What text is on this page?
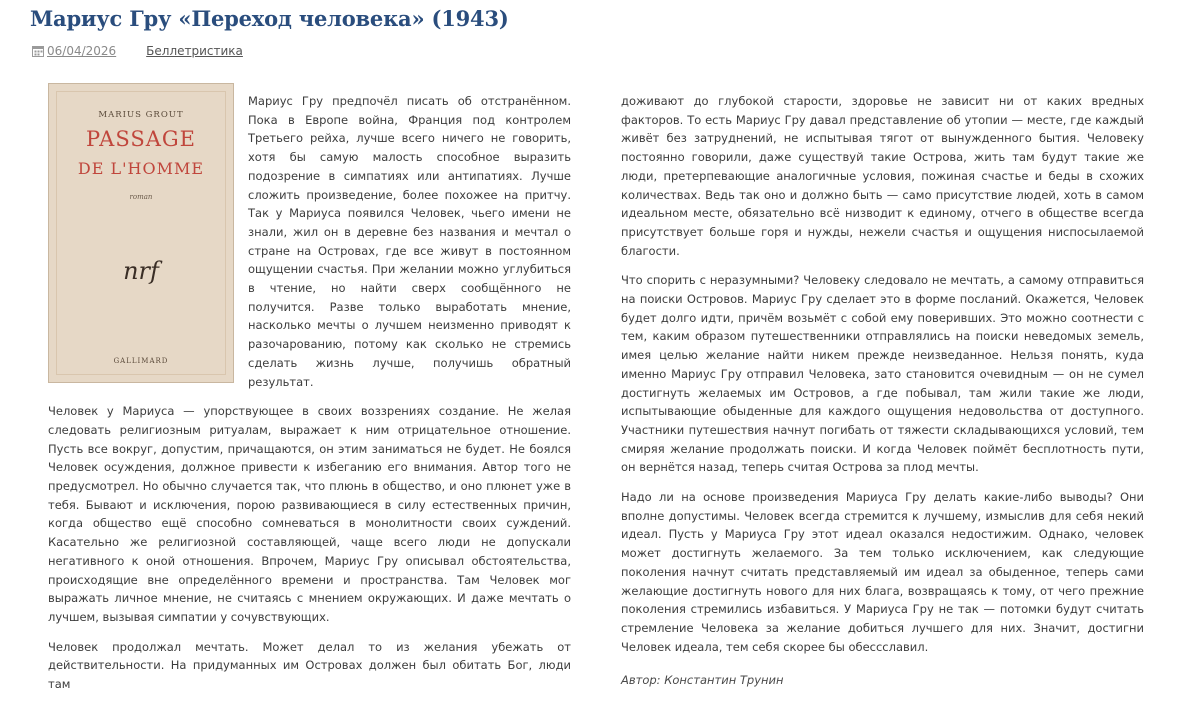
Мариус Гру «Переход человека» (1943)
06/04/2026	Беллетристика
MARIUS GROUT
PASSAGE
DE L'HOMME
roman
nrf
GALLIMARD

Мариус Гру предпочёл писать об отстранённом. Пока в Европе война, Франция под контролем Третьего рейха, лучше всего ничего не говорить, хотя бы самую малость способное выразить подозрение в симпатиях или антипатиях. Лучше сложить произведение, более похожее на притчу. Так у Мариуса появился Человек, чьего имени не знали, жил он в деревне без названия и мечтал о стране на Островах, где все живут в постоянном ощущении счастья. При желании можно углубиться в чтение, но найти сверх сообщённого не получится. Разве только выработать мнение, насколько мечты о лучшем неизменно приводят к разочарованию, потому как сколько не стремись сделать жизнь лучше, получишь обратный результат.

Человек у Мариуса — упорствующее в своих воззрениях создание. Не желая следовать религиозным ритуалам, выражает к ним отрицательное отношение. Пусть все вокруг, допустим, причащаются, он этим заниматься не будет. Не боялся Человек осуждения, должное привести к избеганию его внимания. Автор того не предусмотрел. Но обычно случается так, что плюнь в общество, и оно плюнет уже в тебя. Бывают и исключения, порою развивающиеся в силу естественных причин, когда общество ещё способно сомневаться в монолитности своих суждений. Касательно же религиозной составляющей, чаще всего люди не допускали негативного к оной отношения. Впрочем, Мариус Гру описывал обстоятельства, происходящие вне определённого времени и пространства. Там Человек мог выражать личное мнение, не считаясь с мнением окружающих. И даже мечтать о лучшем, вызывая симпатии у сочувствующих.

Человек продолжал мечтать. Может делал то из желания убежать от действительности. На придуманных им Островах должен был обитать Бог, люди там

доживают до глубокой старости, здоровье не зависит ни от каких вредных факторов. То есть Мариус Гру давал представление об утопии — месте, где каждый живёт без затруднений, не испытывая тягот от вынужденного бытия. Человеку постоянно говорили, даже существуй такие Острова, жить там будут такие же люди, претерпевающие аналогичные условия, пожиная счастье и беды в схожих количествах. Ведь так оно и должно быть — само присутствие людей, хоть в самом идеальном месте, обязательно всё низводит к единому, отчего в обществе всегда присутствует больше горя и нужды, нежели счастья и ощущения ниспосылаемой благости.

Что спорить с неразумными? Человеку следовало не мечтать, а самому отправиться на поиски Островов. Мариус Гру сделает это в форме посланий. Окажется, Человек будет долго идти, причём возьмёт с собой ему поверивших. Это можно соотнести с тем, каким образом путешественники отправлялись на поиски неведомых земель, имея целью желание найти никем прежде неизведанное. Нельзя понять, куда именно Мариус Гру отправил Человека, зато становится очевидным — он не сумел достигнуть желаемых им Островов, а где побывал, там жили такие же люди, испытывающие обыденные для каждого ощущения недовольства от доступного. Участники путешествия начнут погибать от тяжести складывающихся условий, тем смиряя желание продолжать поиски. И когда Человек поймёт бесплотность пути, он вернётся назад, теперь считая Острова за плод мечты.

Надо ли на основе произведения Мариуса Гру делать какие-либо выводы? Они вполне допустимы. Человек всегда стремится к лучшему, измыслив для себя некий идеал. Пусть у Мариуса Гру этот идеал оказался недостижим. Однако, человек может достигнуть желаемого. За тем только исключением, как следующие поколения начнут считать представляемый им идеал за обыденное, теперь сами желающие достигнуть нового для них блага, возвращаясь к тому, от чего прежние поколения стремились избавиться. У Мариуса Гру не так — потомки будут считать стремление Человека за желание добиться лучшего для них. Значит, достигни Человек идеала, тем себя скорее бы обессславил.

Автор: Константин Трунин
